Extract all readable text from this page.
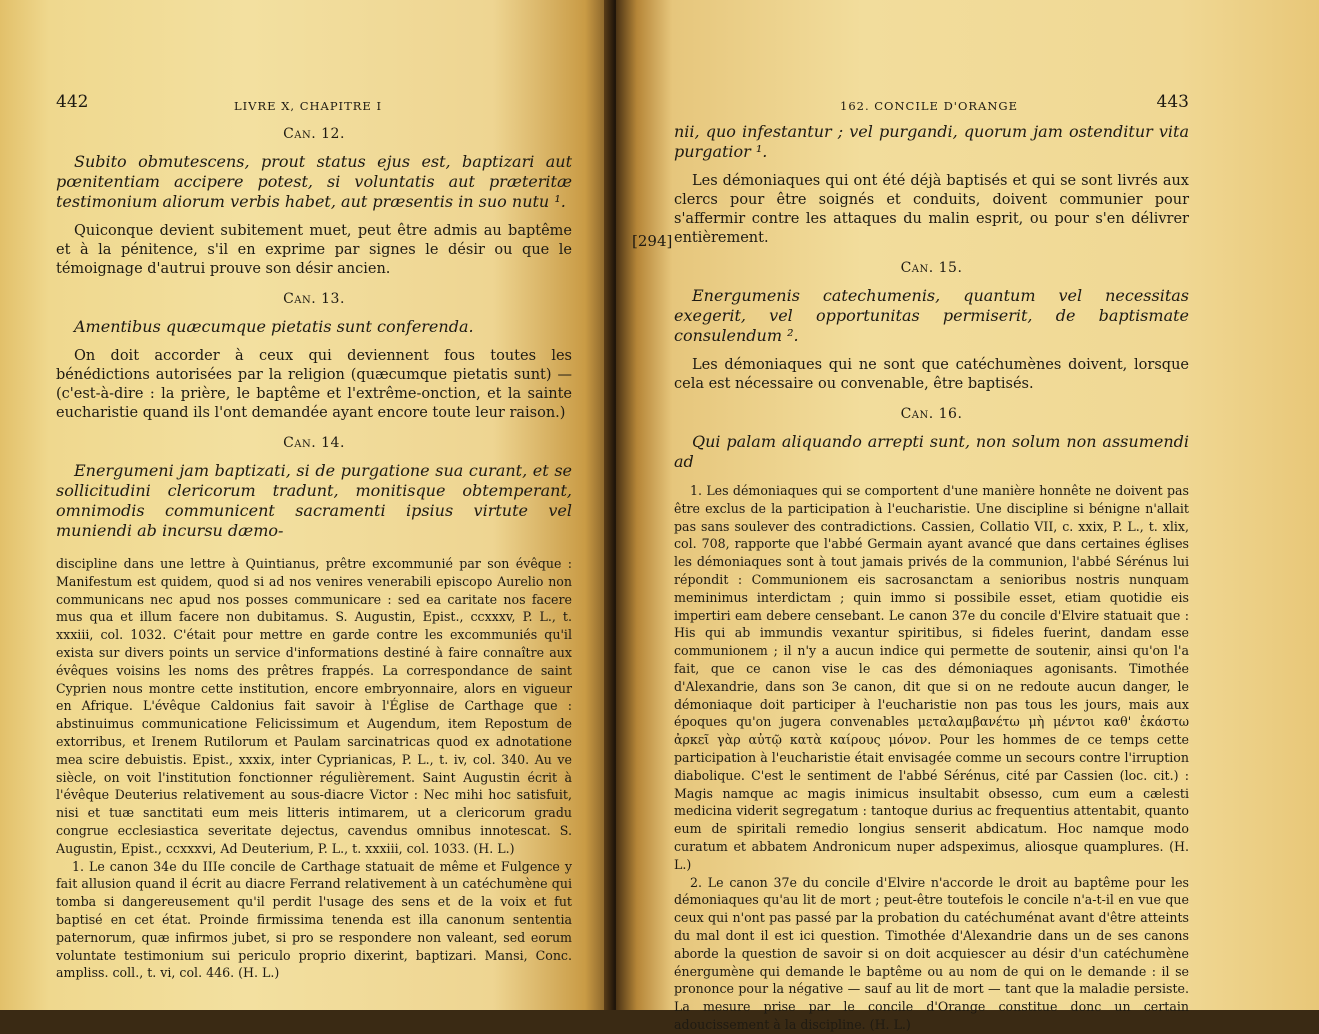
442	LIVRE X, CHAPITRE I
Can. 12.

Subito obmutescens, prout status ejus est, baptizari aut pœnitentiam accipere potest, si voluntatis aut præteritæ testimonium aliorum verbis habet, aut præsentis in suo nutu ¹.

Quiconque devient subitement muet, peut être admis au baptême et à la pénitence, s'il en exprime par signes le désir ou que le témoignage d'autrui prouve son désir ancien.

Can. 13.

Amentibus quæcumque pietatis sunt conferenda.

On doit accorder à ceux qui deviennent fous toutes les bénédictions autorisées par la religion (quæcumque pietatis sunt) — (c'est-à-dire : la prière, le baptême et l'extrême-onction, et la sainte eucharistie quand ils l'ont demandée ayant encore toute leur raison.)

Can. 14.

Energumeni jam baptizati, si de purgatione sua curant, et se sollicitudini clericorum tradunt, monitisque obtemperant, omnimodis communicent sacramenti ipsius virtute vel muniendi ab incursu dæmo-

discipline dans une lettre à Quintianus, prêtre excommunié par son évêque : Manifestum est quidem, quod si ad nos venires venerabili episcopo Aurelio non communicans nec apud nos posses communicare : sed ea caritate nos facere mus qua et illum facere non dubitamus. S. Augustin, Epist., ccxxxv, P. L., t. xxxiii, col. 1032. C'était pour mettre en garde contre les excommuniés qu'il exista sur divers points un service d'informations destiné à faire connaître aux évêques voisins les noms des prêtres frappés. La correspondance de saint Cyprien nous montre cette institution, encore embryonnaire, alors en vigueur en Afrique. L'évêque Caldonius fait savoir à l'Église de Carthage que : abstinuimus communicatione Felicissimum et Augendum, item Repostum de extorribus, et Irenem Rutilorum et Paulam sarcinatricas quod ex adnotatione mea scire debuistis. Epist., xxxix, inter Cyprianicas, P. L., t. iv, col. 340. Au ve siècle, on voit l'institution fonctionner régulièrement. Saint Augustin écrit à l'évêque Deuterius relativement au sous-diacre Victor : Nec mihi hoc satisfuit, nisi et tuæ sanctitati eum meis litteris intimarem, ut a clericorum gradu congrue ecclesiastica severitate dejectus, cavendus omnibus innotescat. S. Augustin, Epist., ccxxxvi, Ad Deuterium, P. L., t. xxxiii, col. 1033. (H. L.)

1. Le canon 34e du IIIe concile de Carthage statuait de même et Fulgence y fait allusion quand il écrit au diacre Ferrand relativement à un catéchumène qui tomba si dangereusement qu'il perdit l'usage des sens et de la voix et fut baptisé en cet état. Proinde firmissima tenenda est illa canonum sententia paternorum, quæ infirmos jubet, si pro se respondere non valeant, sed eorum voluntate testimonium sui periculo proprio dixerint, baptizari. Mansi, Conc. ampliss. coll., t. vi, col. 446. (H. L.)

162. CONCILE D'ORANGE	443

nii, quo infestantur ; vel purgandi, quorum jam ostenditur vita purgatior ¹.

Les démoniaques qui ont été déjà baptisés et qui se sont livrés aux clercs pour être soignés et conduits, doivent communier pour s'affermir contre les attaques du malin esprit, ou pour s'en délivrer entièrement.

Can. 15.

Energumenis catechumenis, quantum vel necessitas exegerit, vel opportunitas permiserit, de baptismate consulendum ².

Les démoniaques qui ne sont que catéchumènes doivent, lorsque cela est nécessaire ou convenable, être baptisés.

Can. 16.

Qui palam aliquando arrepti sunt, non solum non assumendi ad

1. Les démoniaques qui se comportent d'une manière honnête ne doivent pas être exclus de la participation à l'eucharistie. Une discipline si bénigne n'allait pas sans soulever des contradictions. Cassien, Collatio VII, c. xxix, P. L., t. xlix, col. 708, rapporte que l'abbé Germain ayant avancé que dans certaines églises les démoniaques sont à tout jamais privés de la communion, l'abbé Sérénus lui répondit : Communionem eis sacrosanctam a senioribus nostris nunquam meminimus interdictam ; quin immo si possibile esset, etiam quotidie eis impertiri eam debere censebant. Le canon 37e du concile d'Elvire statuait que : His qui ab immundis vexantur spiritibus, si fideles fuerint, dandam esse communionem ; il n'y a aucun indice qui permette de soutenir, ainsi qu'on l'a fait, que ce canon vise le cas des démoniaques agonisants. Timothée d'Alexandrie, dans son 3e canon, dit que si on ne redoute aucun danger, le démoniaque doit participer à l'eucharistie non pas tous les jours, mais aux époques qu'on jugera convenables μεταλαμβανέτω μὴ μέντοι καθ' ἑκάστω ἀρκεῖ γὰρ αὐτῷ κατὰ καίρους μόνον. Pour les hommes de ce temps cette participation à l'eucharistie était envisagée comme un secours contre l'irruption diabolique. C'est le sentiment de l'abbé Sérénus, cité par Cassien (loc. cit.) : Magis namque ac magis inimicus insultabit obsesso, cum eum a cælesti medicina viderit segregatum : tantoque durius ac frequentius attentabit, quanto eum de spiritali remedio longius senserit abdicatum. Hoc namque modo curatum et abbatem Andronicum nuper adspeximus, aliosque quamplures. (H. L.)

2. Le canon 37e du concile d'Elvire n'accorde le droit au baptême pour les démoniaques qu'au lit de mort ; peut-être toutefois le concile n'a-t-il en vue que ceux qui n'ont pas passé par la probation du catéchuménat avant d'être atteints du mal dont il est ici question. Timothée d'Alexandrie dans un de ses canons aborde la question de savoir si on doit acquiescer au désir d'un catéchumène énergumène qui demande le baptême ou au nom de qui on le demande : il se prononce pour la négative — sauf au lit de mort — tant que la maladie persiste. La mesure prise par le concile d'Orange constitue donc un certain adoucissement à la discipline. (H. L.)

[294]
